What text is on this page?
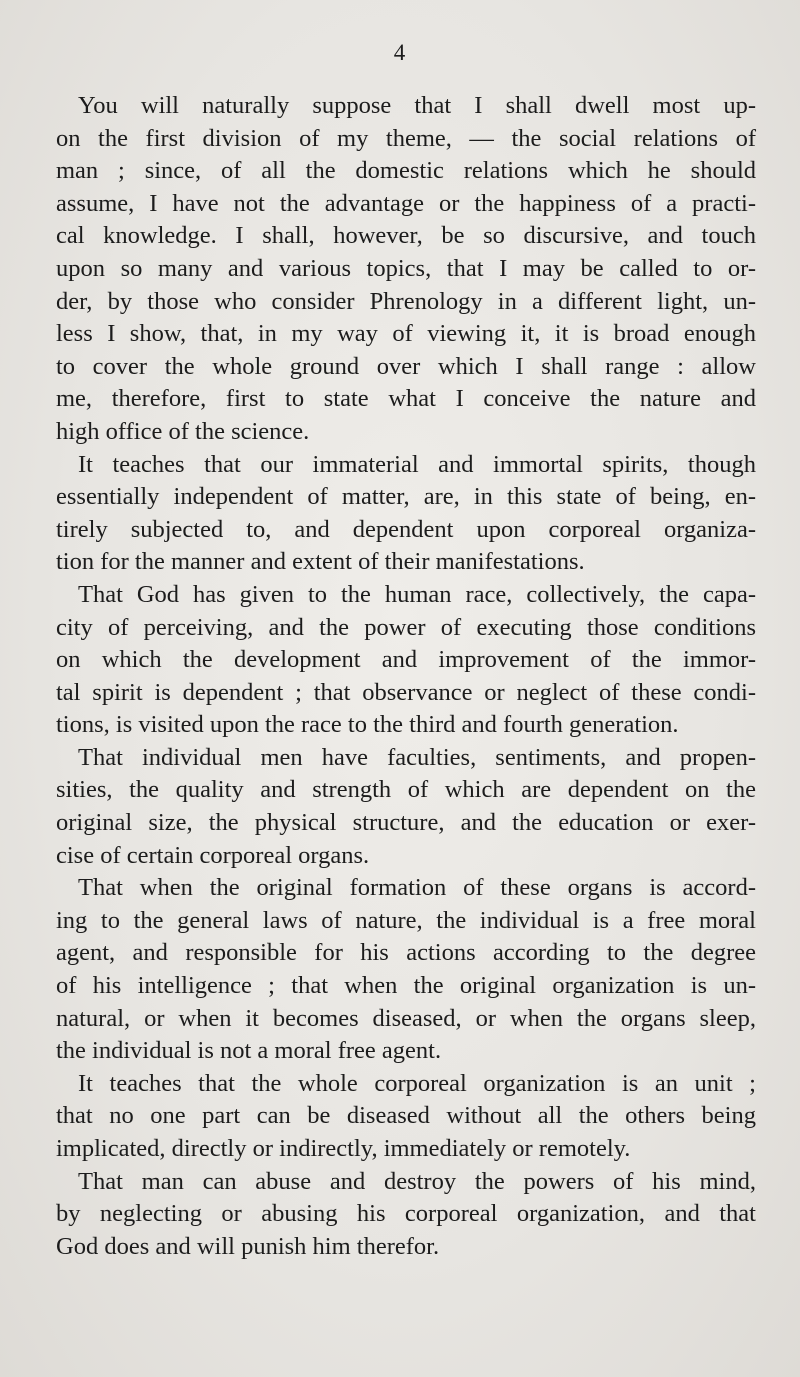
4
You will naturally suppose that I shall dwell most up-
on the first division of my theme, — the social relations of
man ; since, of all the domestic relations which he should
assume, I have not the advantage or the happiness of a practi-
cal knowledge. I shall, however, be so discursive, and touch
upon so many and various topics, that I may be called to or-
der, by those who consider Phrenology in a different light, un-
less I show, that, in my way of viewing it, it is broad enough
to cover the whole ground over which I shall range : allow
me, therefore, first to state what I conceive the nature and
high office of the science.
It teaches that our immaterial and immortal spirits, though
essentially independent of matter, are, in this state of being, en-
tirely subjected to, and dependent upon corporeal organiza-
tion for the manner and extent of their manifestations.
That God has given to the human race, collectively, the capa-
city of perceiving, and the power of executing those conditions
on which the development and improvement of the immor-
tal spirit is dependent ; that observance or neglect of these condi-
tions, is visited upon the race to the third and fourth generation.
That individual men have faculties, sentiments, and propen-
sities, the quality and strength of which are dependent on the
original size, the physical structure, and the education or exer-
cise of certain corporeal organs.
That when the original formation of these organs is accord-
ing to the general laws of nature, the individual is a free moral
agent, and responsible for his actions according to the degree
of his intelligence ; that when the original organization is un-
natural, or when it becomes diseased, or when the organs sleep,
the individual is not a moral free agent.
It teaches that the whole corporeal organization is an unit ;
that no one part can be diseased without all the others being
implicated, directly or indirectly, immediately or remotely.
That man can abuse and destroy the powers of his mind,
by neglecting or abusing his corporeal organization, and that
God does and will punish him therefor.
